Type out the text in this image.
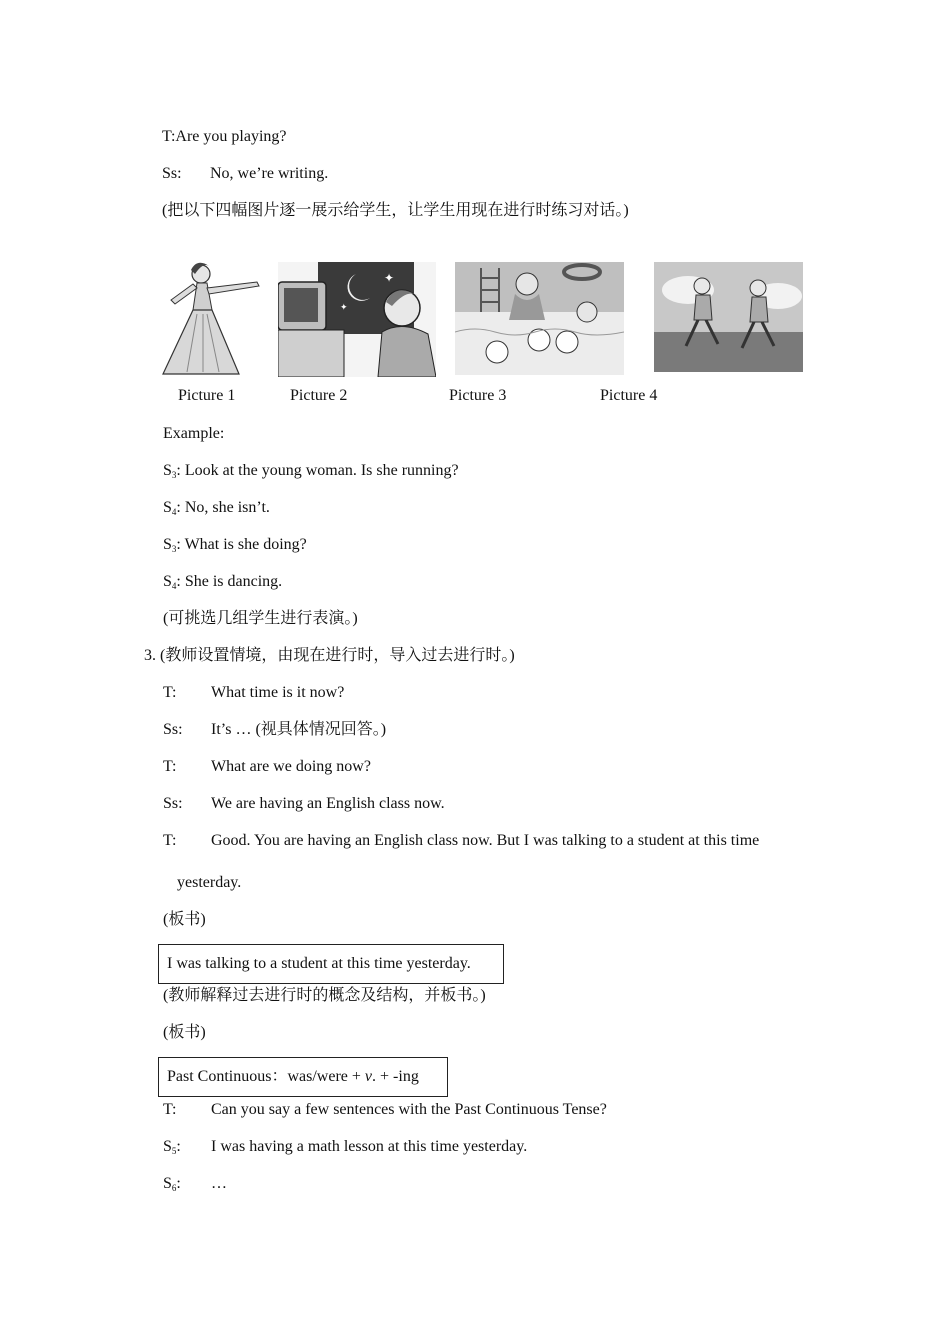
T:Are you playing?
Ss: No, we’re writing.
(把以下四幅图片逐一展示给学生，让学生用现在进行时练习对话。)
✦
✦
Picture 1	Picture 2	Picture 3	Picture 4
Example:
$S_3$: Look at the young woman. Is she running?
$S_4$: No, she isn’t.
$S_3$: What is she doing?
$S_4$: She is dancing.
(可挑选几组学生进行表演。)
3. (教师设置情境，由现在进行时，导入过去进行时。)
T: What time is it now?
Ss: It’s … (视具体情况回答。)
T: What are we doing now?
Ss: We are having an English class now.
T: Good. You are having an English class now. But I was talking to a student at this time
yesterday.
(板书)
I was talking to a student at this time yesterday.
(教师解释过去进行时的概念及结构，并板书。)
(板书)
Past Continuous：was/were + v. + -ing
T: Can you say a few sentences with the Past Continuous Tense?
$S_5$: I was having a math lesson at this time yesterday.
$S_6$: …
